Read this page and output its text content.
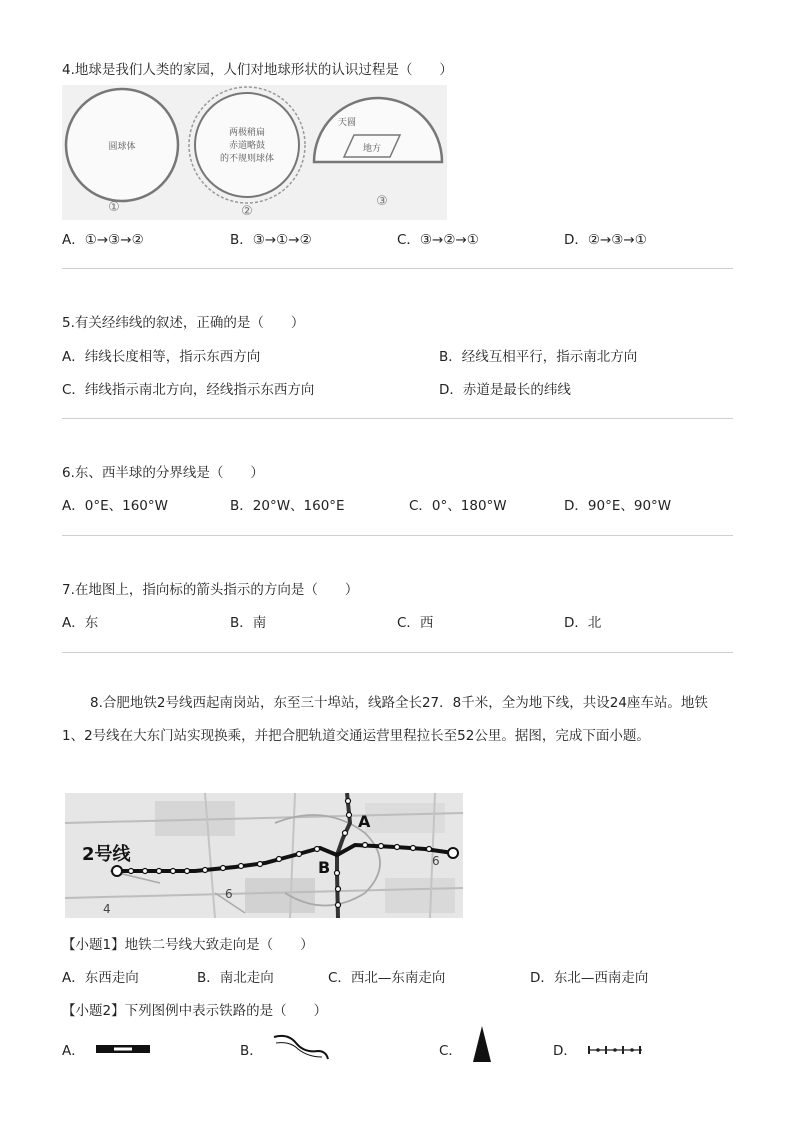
4.地球是我们人类的家园，人们对地球形状的认识过程是（　　）
圆球体
两极稍扁
赤道略鼓
的不规则球体
天圆
地方
①	②
③
A．①→③→②	B．③→①→②	C．③→②→①	D．②→③→①
5.有关经纬线的叙述，正确的是（　　）
A．纬线长度相等，指示东西方向	B．经线互相平行，指示南北方向
C．纬线指示南北方向，经线指示东西方向	D．赤道是最长的纬线
6.东、西半球的分界线是（　　）
A．0°E、160°W	B．20°W、160°E	C．0°、180°W	D．90°E、90°W
7.在地图上，指向标的箭头指示的方向是（　　）
A．东	B．南	C．西	D．北
8.合肥地铁2号线西起南岗站，东至三十埠站，线路全长27．8千米，全为地下线，共设24座车站。地铁
1、2号线在大东门站实现换乘，并把合肥轨道交通运营里程拉长至52公里。据图，完成下面小题。
2号线
A
B
6
6
4
【小题1】地铁二号线大致走向是（　　）
A．东西走向	B．南北走向	C．西北—东南走向	D．东北—西南走向
【小题2】下列图例中表示铁路的是（　　）
A．	B．	C．	D．
